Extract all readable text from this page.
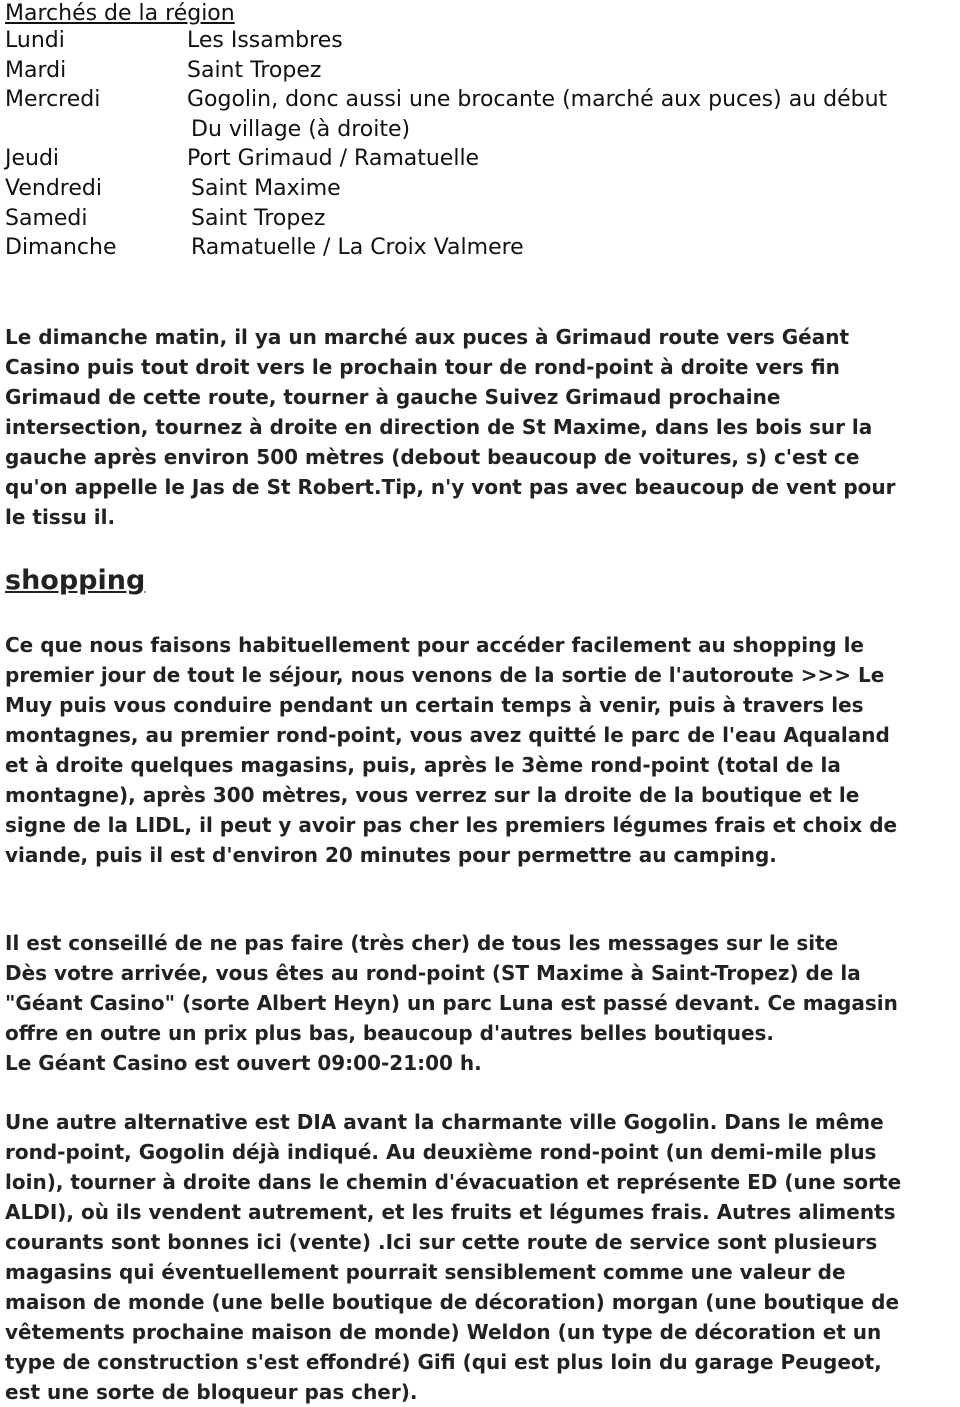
Marchés de la région
Lundi	Les Issambres
Mardi	Saint Tropez
Mercredi	Gogolin, donc aussi une brocante (marché aux puces) au début
Du village (à droite)
Jeudi	Port Grimaud / Ramatuelle
Vendredi	Saint Maxime
Samedi	Saint Tropez
Dimanche	Ramatuelle / La Croix Valmere
Le dimanche matin, il ya un marché aux puces à Grimaud route vers Géant
Casino puis tout droit vers le prochain tour de rond-point à droite vers fin
Grimaud de cette route, tourner à gauche Suivez Grimaud prochaine
intersection, tournez à droite en direction de St Maxime, dans les bois sur la
gauche après environ 500 mètres (debout beaucoup de voitures, s) c'est ce
qu'on appelle le Jas de St Robert.Tip, n'y vont pas avec beaucoup de vent pour
le tissu il.
shopping
Ce que nous faisons habituellement pour accéder facilement au shopping le
premier jour de tout le séjour, nous venons de la sortie de l'autoroute >>> Le
Muy puis vous conduire pendant un certain temps à venir, puis à travers les
montagnes, au premier rond-point, vous avez quitté le parc de l'eau Aqualand
et à droite quelques magasins, puis, après le 3ème rond-point (total de la
montagne), après 300 mètres, vous verrez sur la droite de la boutique et le
signe de la LIDL, il peut y avoir pas cher les premiers légumes frais et choix de
viande, puis il est d'environ 20 minutes pour permettre au camping.
Il est conseillé de ne pas faire (très cher) de tous les messages sur le site
Dès votre arrivée, vous êtes au rond-point (ST Maxime à Saint-Tropez) de la
"Géant Casino" (sorte Albert Heyn) un parc Luna est passé devant. Ce magasin
offre en outre un prix plus bas, beaucoup d'autres belles boutiques.
Le Géant Casino est ouvert 09:00-21:00 h.
Une autre alternative est DIA avant la charmante ville Gogolin. Dans le même
rond-point, Gogolin déjà indiqué. Au deuxième rond-point (un demi-mile plus
loin), tourner à droite dans le chemin d'évacuation et représente ED (une sorte
ALDI), où ils vendent autrement, et les fruits et légumes frais. Autres aliments
courants sont bonnes ici (vente) .Ici sur cette route de service sont plusieurs
magasins qui éventuellement pourrait sensiblement comme une valeur de
maison de monde (une belle boutique de décoration) morgan (une boutique de
vêtements prochaine maison de monde) Weldon (un type de décoration et un
type de construction s'est effondré) Gifi (qui est plus loin du garage Peugeot,
est une sorte de bloqueur pas cher).
